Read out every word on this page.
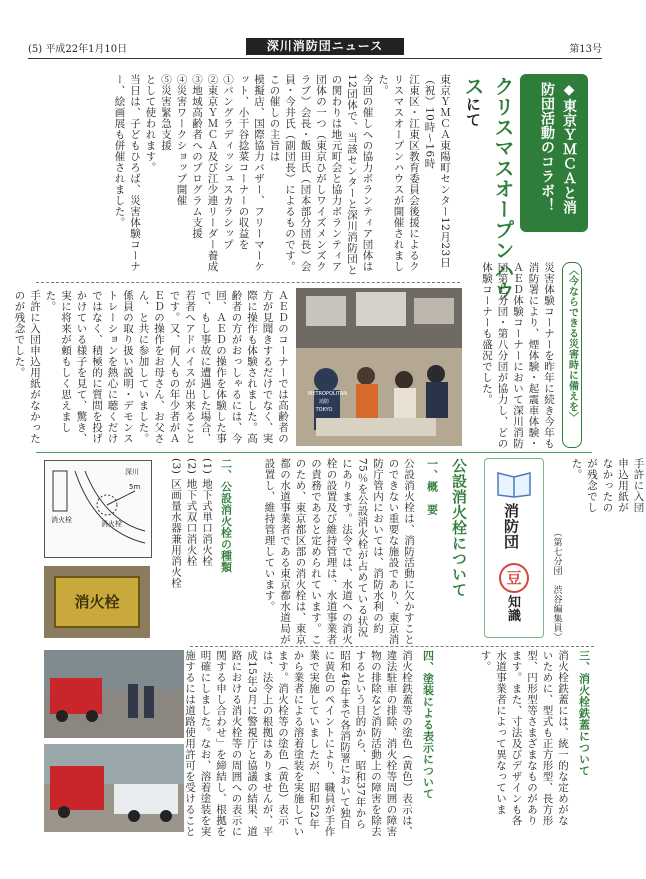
(5) 平成22年1月10日	深川消防団ニュース	第13号
◆東京ＹＭＣＡと消防団活動のコラボ！
クリスマスオープンハウスにて

東京ＹＭＣＡ東陽町センター12月23日（祝）10時～16時

江東区・江東区教育委員会後援によるクリスマスオープンハウスが開催されました。

今回の催しへの協力ボランティア団体は12団体で、当該センターと深川消防団との関わりは地元町会と協力ボランティア団体の一つ（東京ひがしワイズメンズクラブ）会長・飯田氏（団本部分団長）会員・今井氏（副団長）によるものです。

この催しの主旨は

模擬店、国際協力バザー、フリーマーケット、小干谷捻菜コーナーの収益を

①パングラディッシュスカラシップ

②東京ＹＭＣＡ及び江少連リーダー養成

③地域高齢者へのプログラム支援

④災害ワークショップ開催

⑤災害緊急支援

として使われます。

当日は、子どもひろば、災害体験コーナー、絵画展も併催されました。

〈今ならできる災害時に備えを〉

災害体験コーナーを昨年に続き今年も消防署により、煙体験・起震車体験・ＡＥＤ体験コーナーにおいて深川消防団第七分団・第八分団が協力し、どの体験コーナーも盛況でした。

METROPOLITAN
消防
TOKYO

ＡＥＤのコーナーでは高齢者の方が見聞きするだけでなく、実際に操作も体験されました。高齢者の方がおっしゃるには、今回、ＡＥＤの操作を体験した事で、もし事故に遭遇した場合、若者へアドバイスが出来ることです。又、何人もの年少者がＡＥＤの操作をお母さん、お父さん、と共に参加していました。

係員の取り扱い説明・デモンストレーションを熱心に聴くだけではなく、積極的に質問を投げかけている様子を見て、驚き、実に将来が頼もしく思えました。

手許に入団申込用紙がなかったのが残念でした。

手許に入団申込用紙がなかったのが残念でした。
（第七分団　渋谷編集員）
消防団
豆
知識
公設消火栓について
一、概　要
公設消火栓は、消防活動に欠かすことのできない重要な施設であり、東京消防庁管内においては、消防水利の約75％を公設消火栓が占めている状況にあります。法令では、水道への消火栓の設置及び維持管理は、水道事業者の責務であると定められています。このため、東京都区部の消火栓は、東京都の水道事業者である東京都水道局が設置し、維持管理しています。
二、公設消火栓の種類

(1) 地下式単口消火栓

(2) 地下式双口消火栓

(3) 区画量水器兼用消火栓

消火栓
深川
消火栓
5m
消火栓
三、消火栓鉄蓋について
消火栓鉄蓋には、統一的な定めがないために、型式も正方形型、長方形型、円形型等さまざまなものがあります。また、寸法及びデザインも各水道事業者によって異なっています。
四、塗装による表示について
消火栓鉄蓋等の塗色（黄色）表示は、違法駐車の排除、消火栓等周囲の障害物の排除など消防活動上の障害を除去するという目的から、昭和37年から昭和46年まで各消防署において独自に黄色のペイントにより、職員が手作業で実施していましたが、昭和52年から業者による溶着塗装を実施しています。消火栓等の塗色（黄色）表示は、法令上の根拠はありませんが、平成15年3月に警視庁と協議の結果、道路における消火栓等の周囲への表示に関する申し合わせ」を締結し、根拠を明確にしました。なお、溶着塗装を実施するには道路使用許可を受けること
